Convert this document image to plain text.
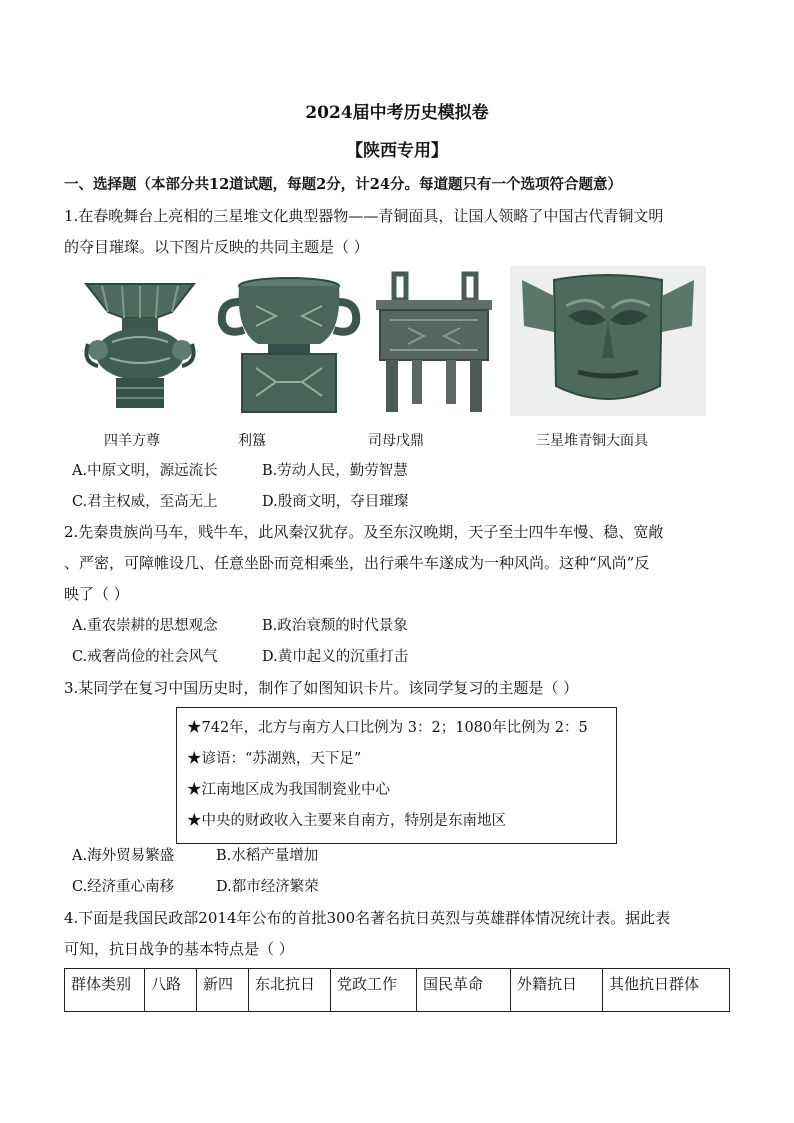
2024届中考历史模拟卷
【陕西专用】
一、选择题（本部分共12道试题，每题2分，计24分。每道题只有一个选项符合题意）
1.在春晚舞台上亮相的三星堆文化典型器物——青铜面具，让国人领略了中国古代青铜文明
的夺目璀璨。以下图片反映的共同主题是（ ）
四羊方尊	利簋	司母戊鼎	三星堆青铜大面具
A.中原文明，源远流长	B.劳动人民，勤劳智慧
C.君主权威，至高无上	D.殷商文明，夺目璀璨
2.先秦贵族尚马车，贱牛车，此风秦汉犹存。及至东汉晚期，天子至士四牛车慢、稳、宽敞
、严密，可障帷设几、任意坐卧而竞相乘坐，出行乘牛车遂成为一种风尚。这种“风尚”反
映了（ ）
A.重农崇耕的思想观念	B.政治衰颓的时代景象
C.戒奢尚俭的社会风气	D.黄巾起义的沉重打击
3.某同学在复习中国历史时，制作了如图知识卡片。该同学复习的主题是（ ）
★742年，北方与南方人口比例为 3：2；1080年比例为 2：5
★谚语：“苏湖熟，天下足”
★江南地区成为我国制瓷业中心
★中央的财政收入主要来自南方，特别是东南地区
A.海外贸易繁盛	B.水稻产量增加
C.经济重心南移	D.都市经济繁荣
4.下面是我国民政部2014年公布的首批300名著名抗日英烈与英雄群体情况统计表。据此表
可知，抗日战争的基本特点是（ ）
群体类别	八路	新四	东北抗日	党政工作	国民革命	外籍抗日	其他抗日群体
